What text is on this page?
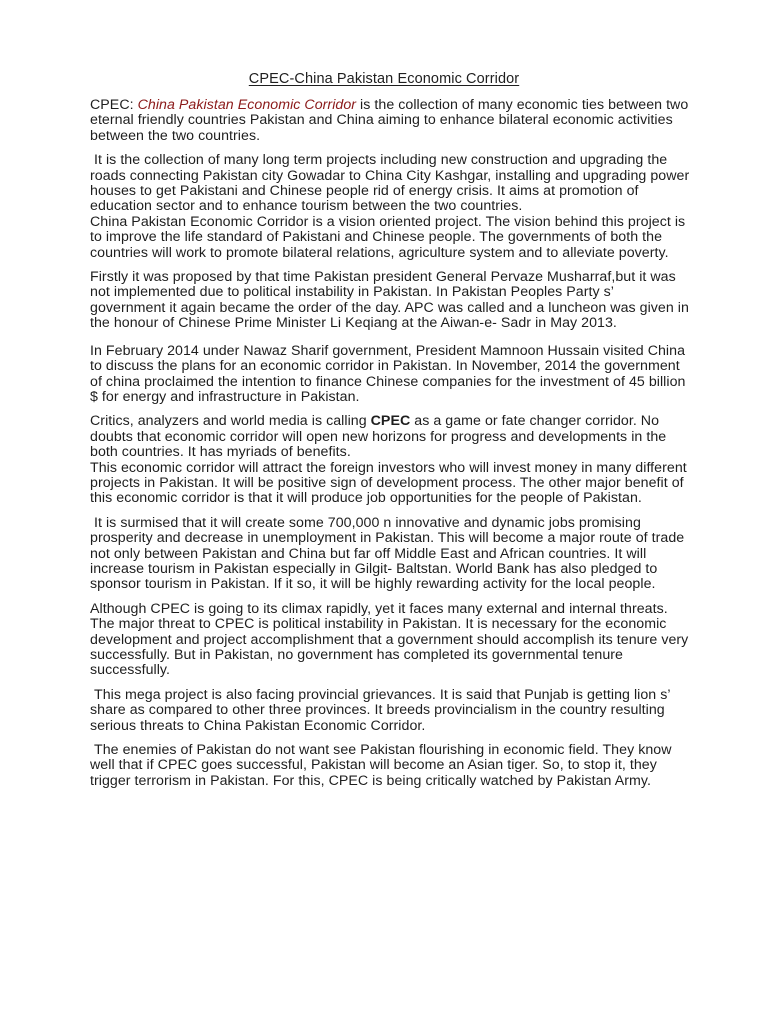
CPEC-China Pakistan Economic Corridor

CPEC: China Pakistan Economic Corridor is the collection of many economic ties between two eternal friendly countries Pakistan and China aiming to enhance bilateral economic activities between the two countries.

It is the collection of many long term projects including new construction and upgrading the roads connecting Pakistan city Gowadar to China City Kashgar, installing and upgrading power houses to get Pakistani and Chinese people rid of energy crisis. It aims at promotion of education sector and to enhance tourism between the two countries.

China Pakistan Economic Corridor is a vision oriented project. The vision behind this project is to improve the life standard of Pakistani and Chinese people. The governments of both the countries will work to promote bilateral relations, agriculture system and to alleviate poverty.

Firstly it was proposed by that time Pakistan president General Pervaze Musharraf,but it was not implemented due to political instability in Pakistan. In Pakistan Peoples Party s’ government it again became the order of the day. APC was called and a luncheon was given in the honour of Chinese Prime Minister Li Keqiang at the Aiwan-e- Sadr in May 2013.

In February 2014 under Nawaz Sharif government, President Mamnoon Hussain visited China to discuss the plans for an economic corridor in Pakistan. In November, 2014 the government of china proclaimed the intention to finance Chinese companies for the investment of 45 billion $ for energy and infrastructure in Pakistan.

Critics, analyzers and world media is calling CPEC as a game or fate changer corridor. No doubts that economic corridor will open new horizons for progress and developments in the both countries. It has myriads of benefits.

This economic corridor will attract the foreign investors who will invest money in many different projects in Pakistan. It will be positive sign of development process. The other major benefit of this economic corridor is that it will produce job opportunities for the people of Pakistan.

It is surmised that it will create some 700,000 n innovative and dynamic jobs promising prosperity and decrease in unemployment in Pakistan. This will become a major route of trade not only between Pakistan and China but far off Middle East and African countries. It will increase tourism in Pakistan especially in Gilgit- Baltstan. World Bank has also pledged to sponsor tourism in Pakistan. If it so, it will be highly rewarding activity for the local people.

Although CPEC is going to its climax rapidly, yet it faces many external and internal threats.

The major threat to CPEC is political instability in Pakistan. It is necessary for the economic development and project accomplishment that a government should accomplish its tenure very successfully. But in Pakistan, no government has completed its governmental tenure successfully.

This mega project is also facing provincial grievances. It is said that Punjab is getting lion s’ share as compared to other three provinces. It breeds provincialism in the country resulting serious threats to China Pakistan Economic Corridor.

The enemies of Pakistan do not want see Pakistan flourishing in economic field. They know well that if CPEC goes successful, Pakistan will become an Asian tiger. So, to stop it, they trigger terrorism in Pakistan. For this, CPEC is being critically watched by Pakistan Army.
